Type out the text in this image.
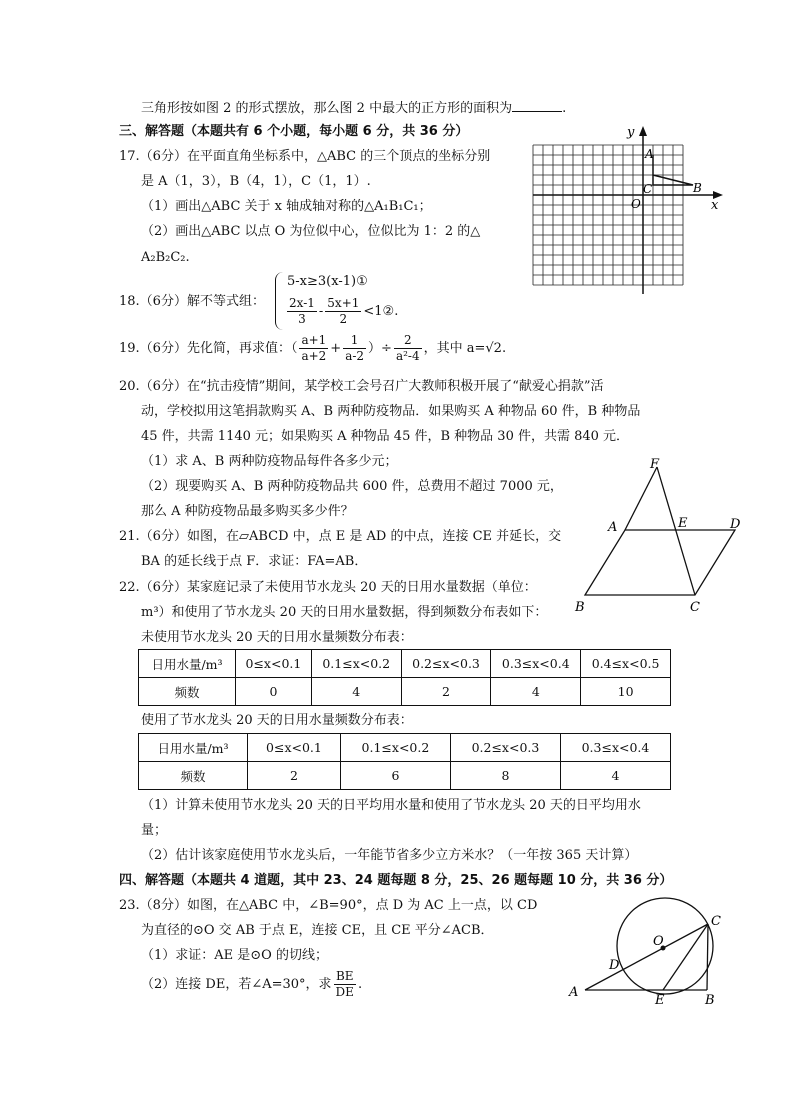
三角形按如图 2 的形式摆放，那么图 2 中最大的正方形的面积为	.
三、解答题（本题共有 6 个小题，每小题 6 分，共 36 分）
17.（6分）在平面直角坐标系中，△ABC 的三个顶点的坐标分别
是 A（1，3），B（4，1），C（1，1）.
（1）画出△ABC 关于 x 轴成轴对称的△A₁B₁C₁；
（2）画出△ABC 以点 O 为位似中心，位似比为 1：2 的△
A₂B₂C₂.
y
x
A
B
C
O
18.（6分）解不等式组：
5-x≥3(x-1)①
$\frac{2x-1}{3} - \frac{5x+1}{2}$ <1②.
19.（6分）先化简，再求值：（ $\frac{a+1}{a+2} + \frac{1}{a-2}$ ）÷ $\frac{2}{\text{a²-4}}$ ，其中 a=√2.
20.（6分）在“抗击疫情”期间，某学校工会号召广大教师积极开展了“献爱心捐款”活
动，学校拟用这笔捐款购买 A、B 两种防疫物品．如果购买 A 种物品 60 件，B 种物品
45 件，共需 1140 元；如果购买 A 种物品 45 件，B 种物品 30 件，共需 840 元．
（1）求 A、B 两种防疫物品每件各多少元；
（2）现要购买 A、B 两种防疫物品共 600 件，总费用不超过 7000 元，
那么 A 种防疫物品最多购买多少件？
F
A	E	D
B	C
21.（6分）如图，在▱ABCD 中，点 E 是 AD 的中点，连接 CE 并延长，交
BA 的延长线于点 F．求证：FA=AB．
22.（6分）某家庭记录了未使用节水龙头 20 天的日用水量数据（单位：
m³）和使用了节水龙头 20 天的日用水量数据，得到频数分布表如下：
未使用节水龙头 20 天的日用水量频数分布表：
日用水量/m³	0≤x<0.1	0.1≤x<0.2	0.2≤x<0.3	0.3≤x<0.4	0.4≤x<0.5
频数	0	4	2	4	10
使用了节水龙头 20 天的日用水量频数分布表：
日用水量/m³	0≤x<0.1	0.1≤x<0.2	0.2≤x<0.3	0.3≤x<0.4
频数	2	6	8	4
（1）计算未使用节水龙头 20 天的日平均用水量和使用了节水龙头 20 天的日平均用水
量；
（2）估计该家庭使用节水龙头后，一年能节省多少立方米水？（一年按 365 天计算）
四、解答题（本题共 4 道题，其中 23、24 题每题 8 分，25、26 题每题 10 分，共 36 分）
23.（8分）如图，在△ABC 中，∠B=90°，点 D 为 AC 上一点，以 CD
为直径的⊙O 交 AB 于点 E，连接 CE，且 CE 平分∠ACB．
（1）求证：AE 是⊙O 的切线；
（2）连接 DE，若∠A=30°，求 $\frac{BE}{DE}$ .
O
C
D
A
E	B
